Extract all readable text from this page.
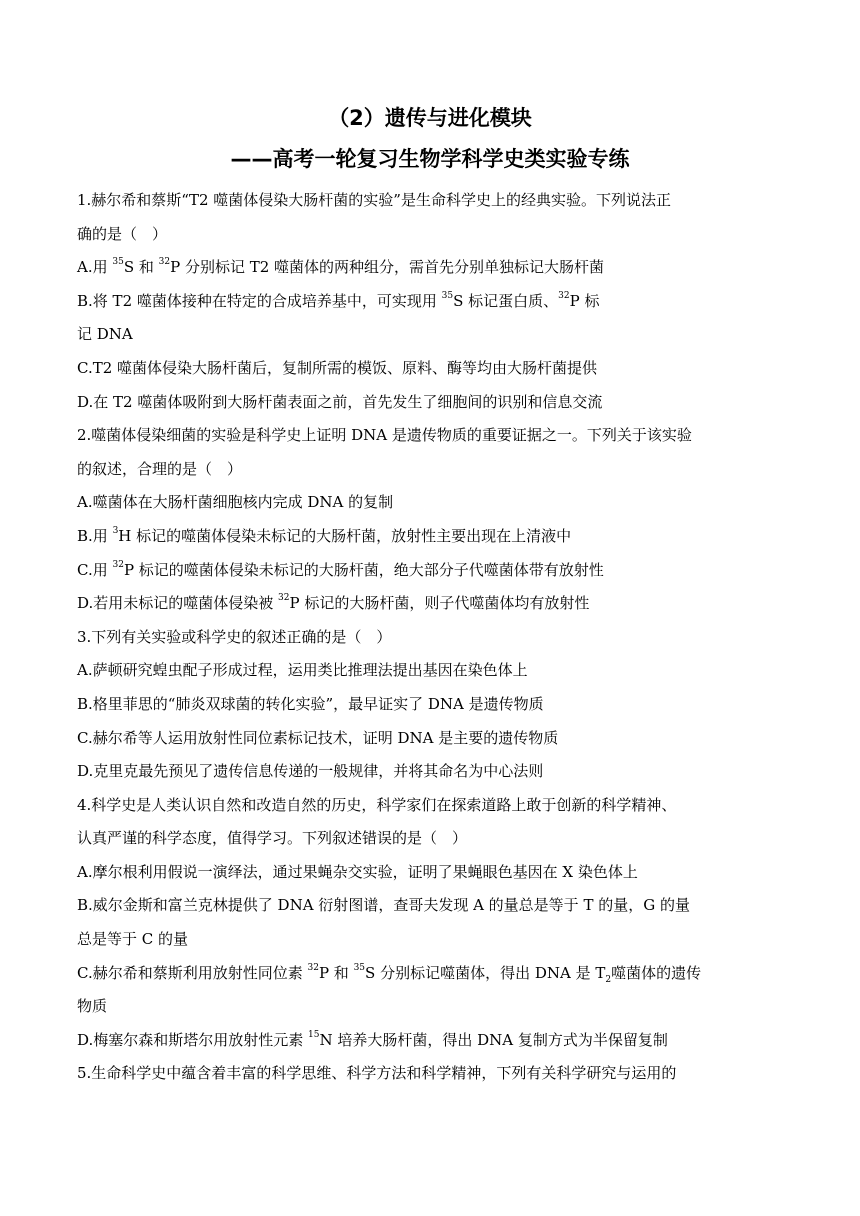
（2）遗传与进化模块
——高考一轮复习生物学科学史类实验专练
1.赫尔希和蔡斯“T2 噬菌体侵染大肠杆菌的实验”是生命科学史上的经典实验。下列说法正
确的是（　）
A.用 $^{35}$S 和 $^{32}$P 分别标记 T2 噬菌体的两种组分，需首先分别单独标记大肠杆菌
B.将 T2 噬菌体接种在特定的合成培养基中，可实现用 $^{35}$S 标记蛋白质、$^{32}$P 标
记 DNA
C.T2 噬菌体侵染大肠杆菌后，复制所需的模饭、原料、酶等均由大肠杆菌提供
D.在 T2 噬菌体吸附到大肠杆菌表面之前，首先发生了细胞间的识别和信息交流
2.噬菌体侵染细菌的实验是科学史上证明 DNA 是遗传物质的重要证据之一。下列关于该实验
的叙述，合理的是（　）
A.噬菌体在大肠杆菌细胞核内完成 DNA 的复制
B.用 $^3$H 标记的噬菌体侵染未标记的大肠杆菌，放射性主要出现在上清液中
C.用 $^{32}$P 标记的噬菌体侵染未标记的大肠杆菌，绝大部分子代噬菌体带有放射性
D.若用未标记的噬菌体侵染被 $^{32}$P 标记的大肠杆菌，则子代噬菌体均有放射性
3.下列有关实验或科学史的叙述正确的是（　）
A.萨顿研究蝗虫配子形成过程，运用类比推理法提出基因在染色体上
B.格里菲思的“肺炎双球菌的转化实验”，最早证实了 DNA 是遗传物质
C.赫尔希等人运用放射性同位素标记技术，证明 DNA 是主要的遗传物质
D.克里克最先预见了遗传信息传递的一般规律，并将其命名为中心法则
4.科学史是人类认识自然和改造自然的历史，科学家们在探索道路上敢于创新的科学精神、
认真严谨的科学态度，值得学习。下列叙述错误的是（　）
A.摩尔根利用假说一演绎法，通过果蝇杂交实验，证明了果蝇眼色基因在 X 染色体上
B.威尔金斯和富兰克林提供了 DNA 衍射图谱，查哥夫发现 A 的量总是等于 T 的量，G 的量
总是等于 C 的量
C.赫尔希和蔡斯利用放射性同位素 $^{32}$P 和 $^{35}$S 分别标记噬菌体，得出 DNA 是 $T_2$噬菌体的遗传
物质
D.梅塞尔森和斯塔尔用放射性元素 $^{15}$N 培养大肠杆菌，得出 DNA 复制方式为半保留复制
5.生命科学史中蕴含着丰富的科学思维、科学方法和科学精神，下列有关科学研究与运用的
